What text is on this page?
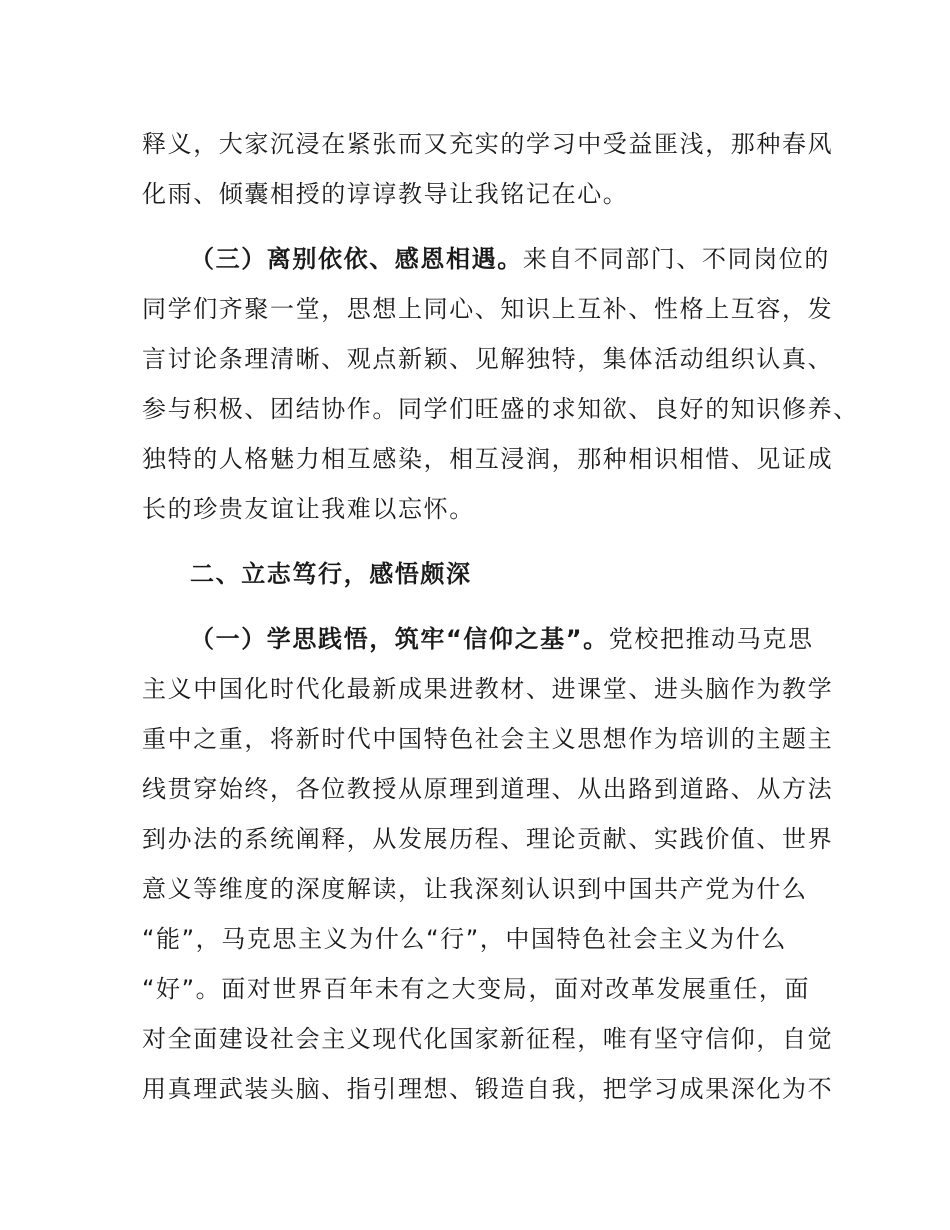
释义，大家沉浸在紧张而又充实的学习中受益匪浅，那种春风
化雨、倾囊相授的谆谆教导让我铭记在心。
（三）离别依依、感恩相遇。来自不同部门、不同岗位的
同学们齐聚一堂，思想上同心、知识上互补、性格上互容，发
言讨论条理清晰、观点新颖、见解独特，集体活动组织认真、
参与积极、团结协作。同学们旺盛的求知欲、良好的知识修养、
独特的人格魅力相互感染，相互浸润，那种相识相惜、见证成
长的珍贵友谊让我难以忘怀。
二、立志笃行，感悟颇深
（一）学思践悟，筑牢“信仰之基”。党校把推动马克思
主义中国化时代化最新成果进教材、进课堂、进头脑作为教学
重中之重，将新时代中国特色社会主义思想作为培训的主题主
线贯穿始终，各位教授从原理到道理、从出路到道路、从方法
到办法的系统阐释，从发展历程、理论贡献、实践价值、世界
意义等维度的深度解读，让我深刻认识到中国共产党为什么
“能”，马克思主义为什么“行”，中国特色社会主义为什么
“好”。面对世界百年未有之大变局，面对改革发展重任，面
对全面建设社会主义现代化国家新征程，唯有坚守信仰，自觉
用真理武装头脑、指引理想、锻造自我，把学习成果深化为不
